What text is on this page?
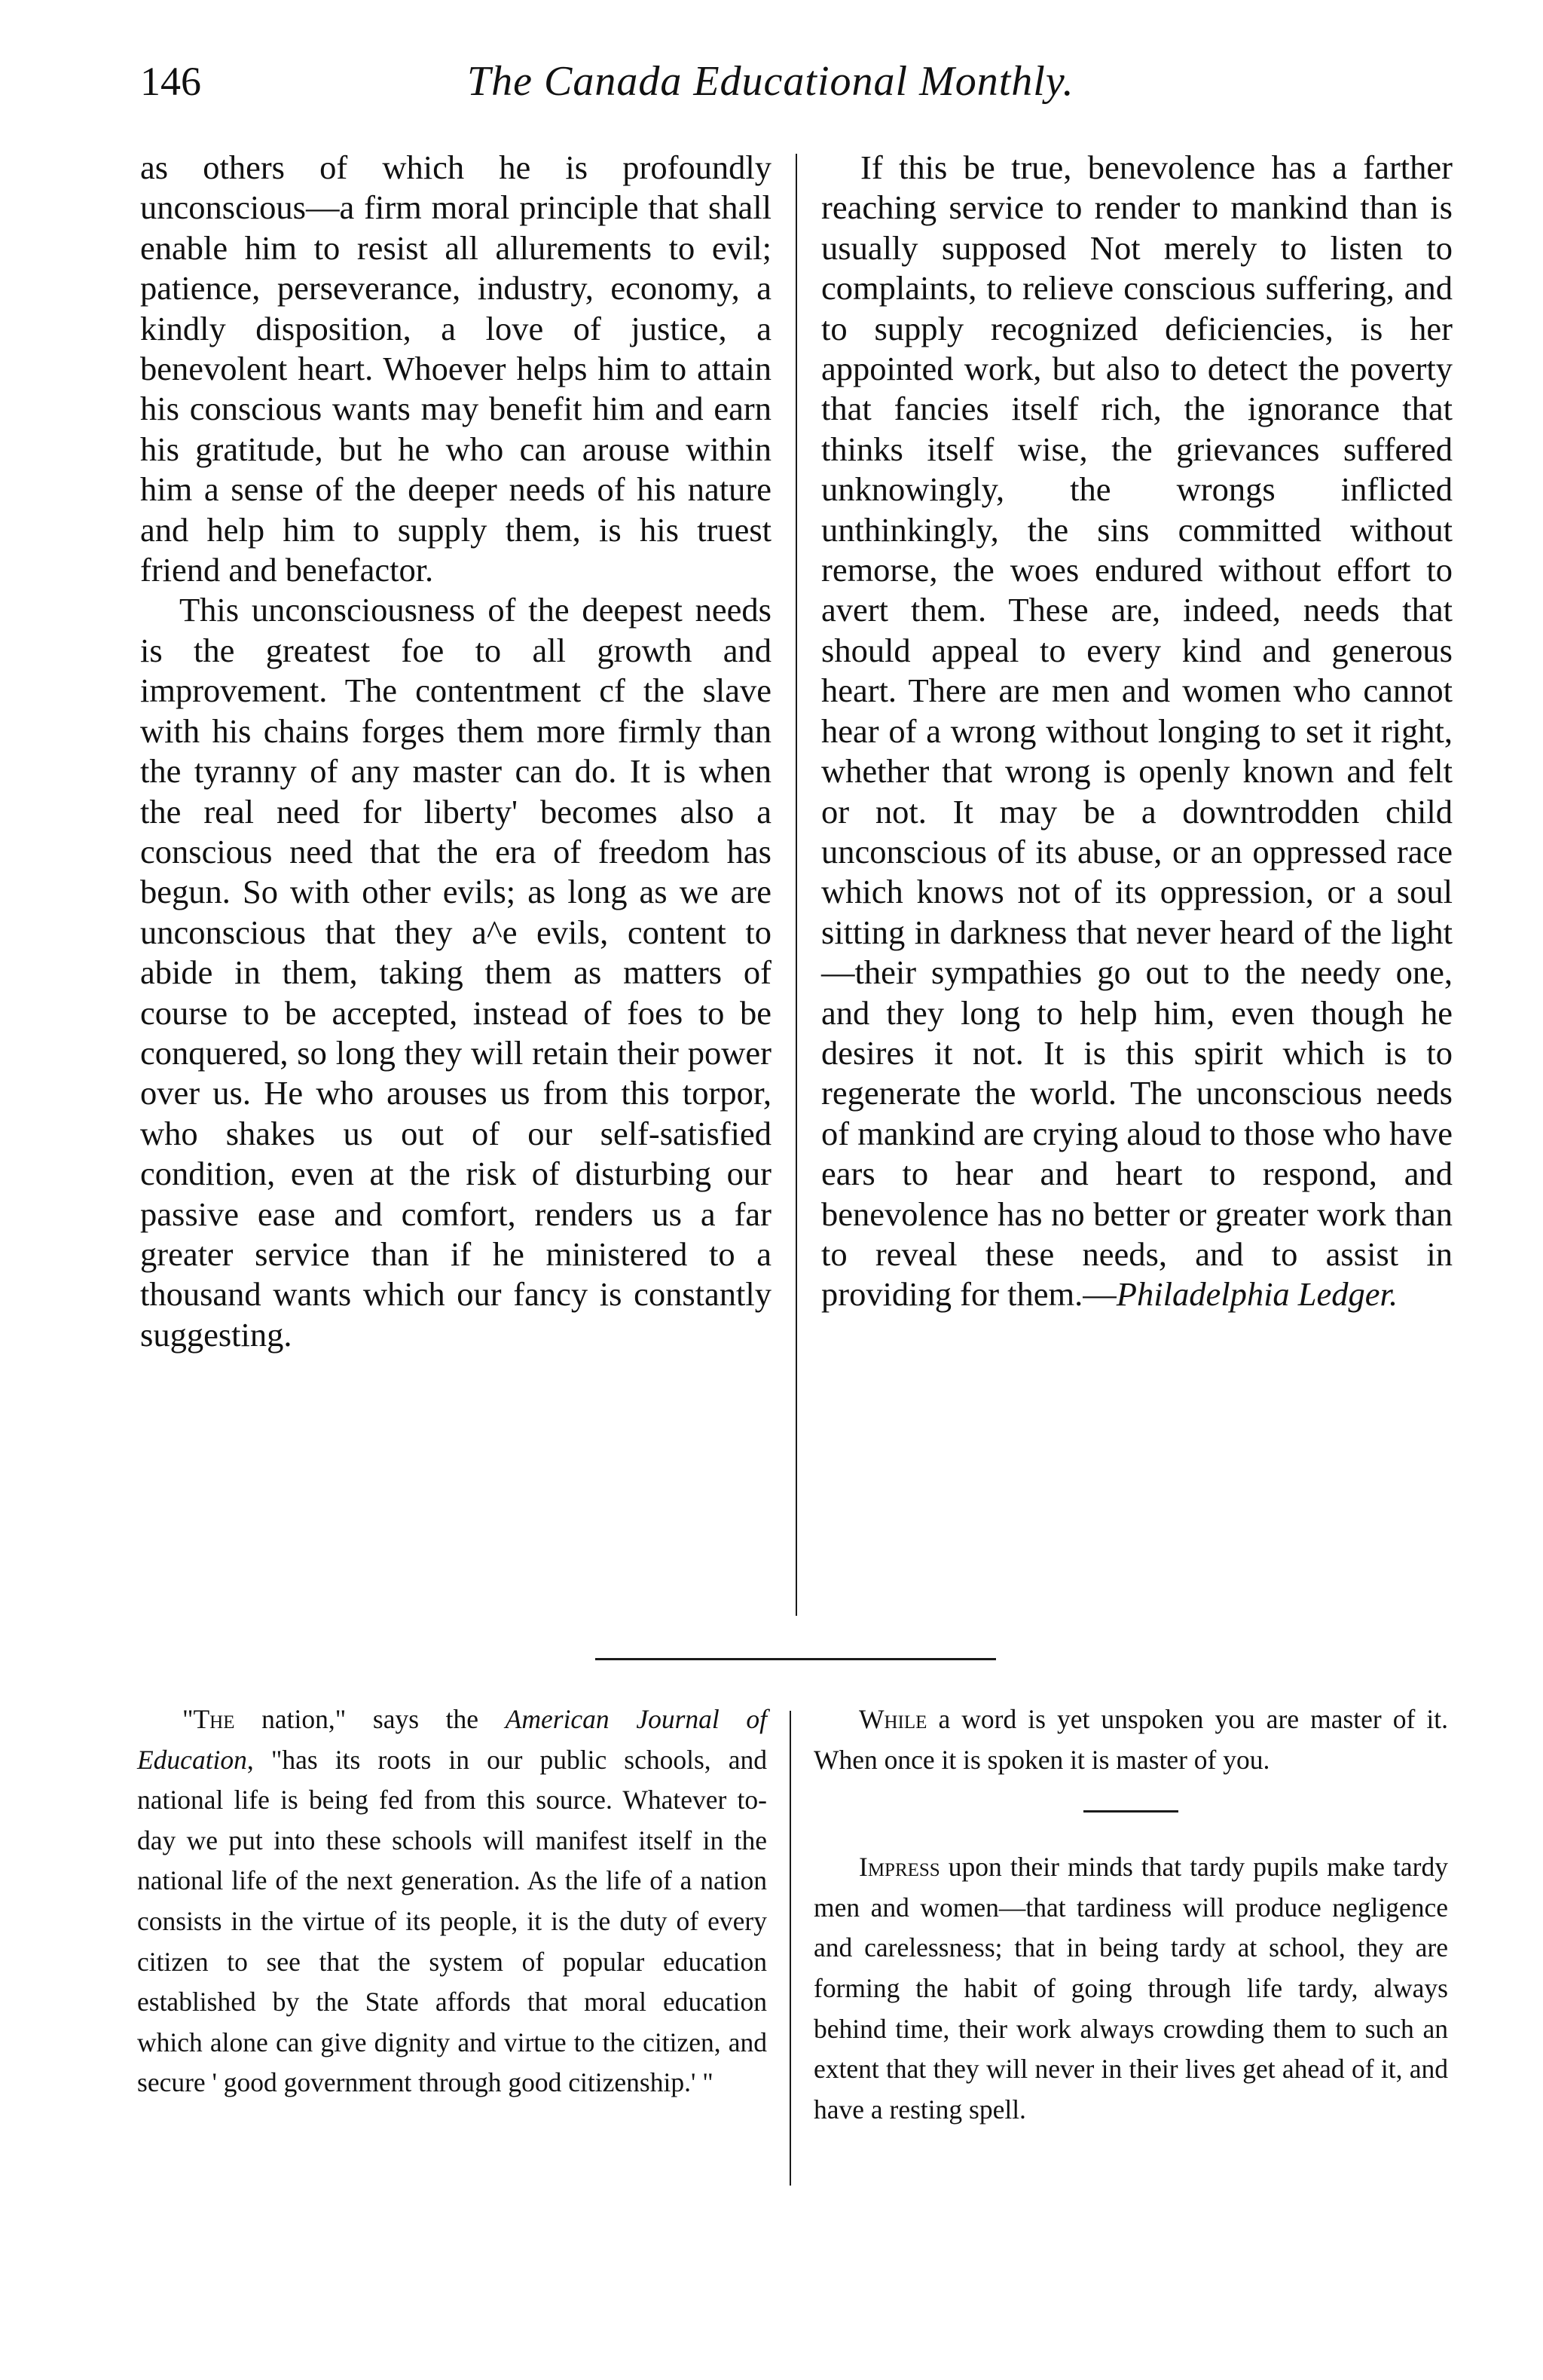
146	The Canada Educational Monthly.

as others of which he is profoundly unconscious—a firm moral principle that shall enable him to resist all allurements to evil; patience, perseverance, industry, economy, a kindly disposition, a love of justice, a benevolent heart. Whoever helps him to attain his conscious wants may benefit him and earn his gratitude, but he who can arouse within him a sense of the deeper needs of his nature and help him to supply them, is his truest friend and benefactor.

This unconsciousness of the deepest needs is the greatest foe to all growth and improvement. The contentment cf the slave with his chains forges them more firmly than the tyranny of any master can do. It is when the real need for liberty' becomes also a conscious need that the era of freedom has begun. So with other evils; as long as we are unconscious that they a^e evils, content to abide in them, taking them as matters of course to be accepted, instead of foes to be conquered, so long they will retain their power over us. He who arouses us from this torpor, who shakes us out of our self-satisfied condition, even at the risk of disturbing our passive ease and comfort, renders us a far greater service than if he ministered to a thousand wants which our fancy is constantly suggesting.

If this be true, benevolence has a farther reaching service to render to mankind than is usually supposed Not merely to listen to complaints, to relieve conscious suffering, and to supply recognized deficiencies, is her appointed work, but also to detect the poverty that fancies itself rich, the ignorance that thinks itself wise, the grievances suffered unknowingly, the wrongs inflicted unthinkingly, the sins committed without remorse, the woes endured without effort to avert them. These are, indeed, needs that should appeal to every kind and generous heart. There are men and women who cannot hear of a wrong without longing to set it right, whether that wrong is openly known and felt or not. It may be a downtrodden child unconscious of its abuse, or an oppressed race which knows not of its oppression, or a soul sitting in darkness that never heard of the light—their sympathies go out to the needy one, and they long to help him, even though he desires it not. It is this spirit which is to regenerate the world. The unconscious needs of mankind are crying aloud to those who have ears to hear and heart to respond, and benevolence has no better or greater work than to reveal these needs, and to assist in providing for them.—Philadelphia Ledger.

"The nation," says the American Journal of Education, "has its roots in our public schools, and national life is being fed from this source. Whatever to-day we put into these schools will manifest itself in the national life of the next generation. As the life of a nation consists in the virtue of its people, it is the duty of every citizen to see that the system of popular education established by the State affords that moral education which alone can give dignity and virtue to the citizen, and secure ' good government through good citizenship.' "

While a word is yet unspoken you are master of it. When once it is spoken it is master of you.

Impress upon their minds that tardy pupils make tardy men and women—that tardiness will produce negligence and carelessness; that in being tardy at school, they are forming the habit of going through life tardy, always behind time, their work always crowding them to such an extent that they will never in their lives get ahead of it, and have a resting spell.
